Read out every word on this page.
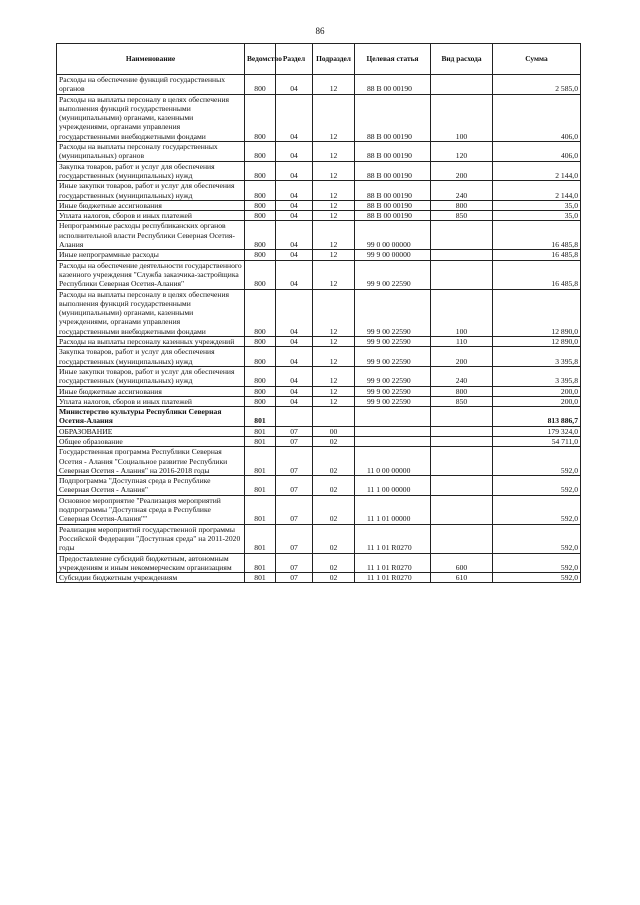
86
Наименование	Ведомство	Раздел	Подраздел	Целевая статья	Вид расхода	Сумма
Расходы на обеспечение функций государственных органов	800	04	12	88 В 00 00190		2 585,0
Расходы на выплаты персоналу в целях обеспечения выполнения функций государственными (муниципальными) органами, казенными учреждениями, органами управления государственными внебюджетными фондами	800	04	12	88 В 00 00190	100	406,0
Расходы на выплаты персоналу государственных (муниципальных) органов	800	04	12	88 В 00 00190	120	406,0
Закупка товаров, работ и услуг для обеспечения государственных (муниципальных) нужд	800	04	12	88 В 00 00190	200	2 144,0
Иные закупки товаров, работ и услуг для обеспечения государственных (муниципальных) нужд	800	04	12	88 В 00 00190	240	2 144,0
Иные бюджетные ассигнования	800	04	12	88 В 00 00190	800	35,0
Уплата налогов, сборов и иных платежей	800	04	12	88 В 00 00190	850	35,0
Непрограммные расходы республиканских органов исполнительной власти Республики Северная Осетия-Алания	800	04	12	99 0 00 00000		16 485,8
Иные непрограммные расходы	800	04	12	99 9 00 00000		16 485,8
Расходы на обеспечение деятельности государственного казенного учреждения "Служба заказчика-застройщика Республики Северная Осетия-Алания"	800	04	12	99 9 00 22590		16 485,8
Расходы на выплаты персоналу в целях обеспечения выполнения функций государственными (муниципальными) органами, казенными учреждениями, органами управления государственными внебюджетными фондами	800	04	12	99 9 00 22590	100	12 890,0
Расходы на выплаты персоналу казенных учреждений	800	04	12	99 9 00 22590	110	12 890,0
Закупка товаров, работ и услуг для обеспечения государственных (муниципальных) нужд	800	04	12	99 9 00 22590	200	3 395,8
Иные закупки товаров, работ и услуг для обеспечения государственных (муниципальных) нужд	800	04	12	99 9 00 22590	240	3 395,8
Иные бюджетные ассигнования	800	04	12	99 9 00 22590	800	200,0
Уплата налогов, сборов и иных платежей	800	04	12	99 9 00 22590	850	200,0
Министерство культуры Республики Северная Осетия-Алания	801					813 886,7
ОБРАЗОВАНИЕ	801	07	00			179 324,0
Общее образование	801	07	02			54 711,0
Государственная программа Республики Северная Осетия - Алания "Социальное развитие Республики Северная Осетия - Алания" на 2016-2018 годы	801	07	02	11 0 00 00000		592,0
Подпрограмма "Доступная среда в Республике Северная Осетия - Алания"	801	07	02	11 1 00 00000		592,0
Основное мероприятие "Реализация мероприятий подпрограммы "Доступная среда в Республике Северная Осетия-Алания""	801	07	02	11 1 01 00000		592,0
Реализация мероприятий государственной программы Российской Федерации "Доступная среда" на 2011-2020 годы	801	07	02	11 1 01 R0270		592,0
Предоставление субсидий бюджетным, автономным учреждениям и иным некоммерческим организациям	801	07	02	11 1 01 R0270	600	592,0
Субсидии бюджетным учреждениям	801	07	02	11 1 01 R0270	610	592,0
